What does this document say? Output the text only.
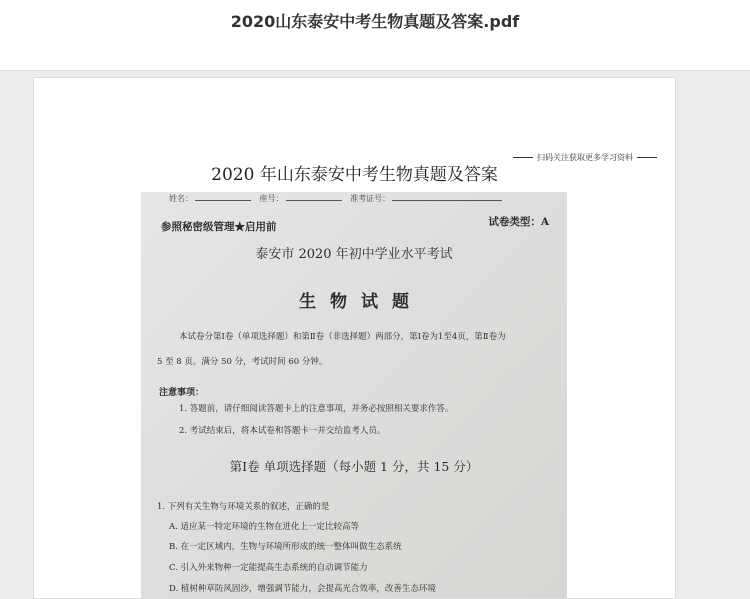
2020山东泰安中考生物真题及答案.pdf
扫码关注获取更多学习资料
2020 年山东泰安中考生物真题及答案
姓名：	座号：	准考证号：
参照秘密级管理★启用前	试卷类型：A
泰安市 2020 年初中学业水平考试
生物试题
本试卷分第Ⅰ卷（单项选择题）和第Ⅱ卷（非选择题）两部分，第Ⅰ卷为1至4页，第Ⅱ卷为
5 至 8 页。满分 50 分，考试时间 60 分钟。
注意事项：
1. 答题前，请仔细阅读答题卡上的注意事项，并务必按照相关要求作答。
2. 考试结束后，将本试卷和答题卡一并交给监考人员。
第Ⅰ卷 单项选择题（每小题 1 分，共 15 分）
1. 下列有关生物与环境关系的叙述，正确的是
A. 适应某一特定环境的生物在进化上一定比较高等
B. 在一定区域内，生物与环境所形成的统一整体叫做生态系统
C. 引入外来物种一定能提高生态系统的自动调节能力
D. 植树种草防风固沙，增强调节能力，会提高光合效率，改善生态环境
